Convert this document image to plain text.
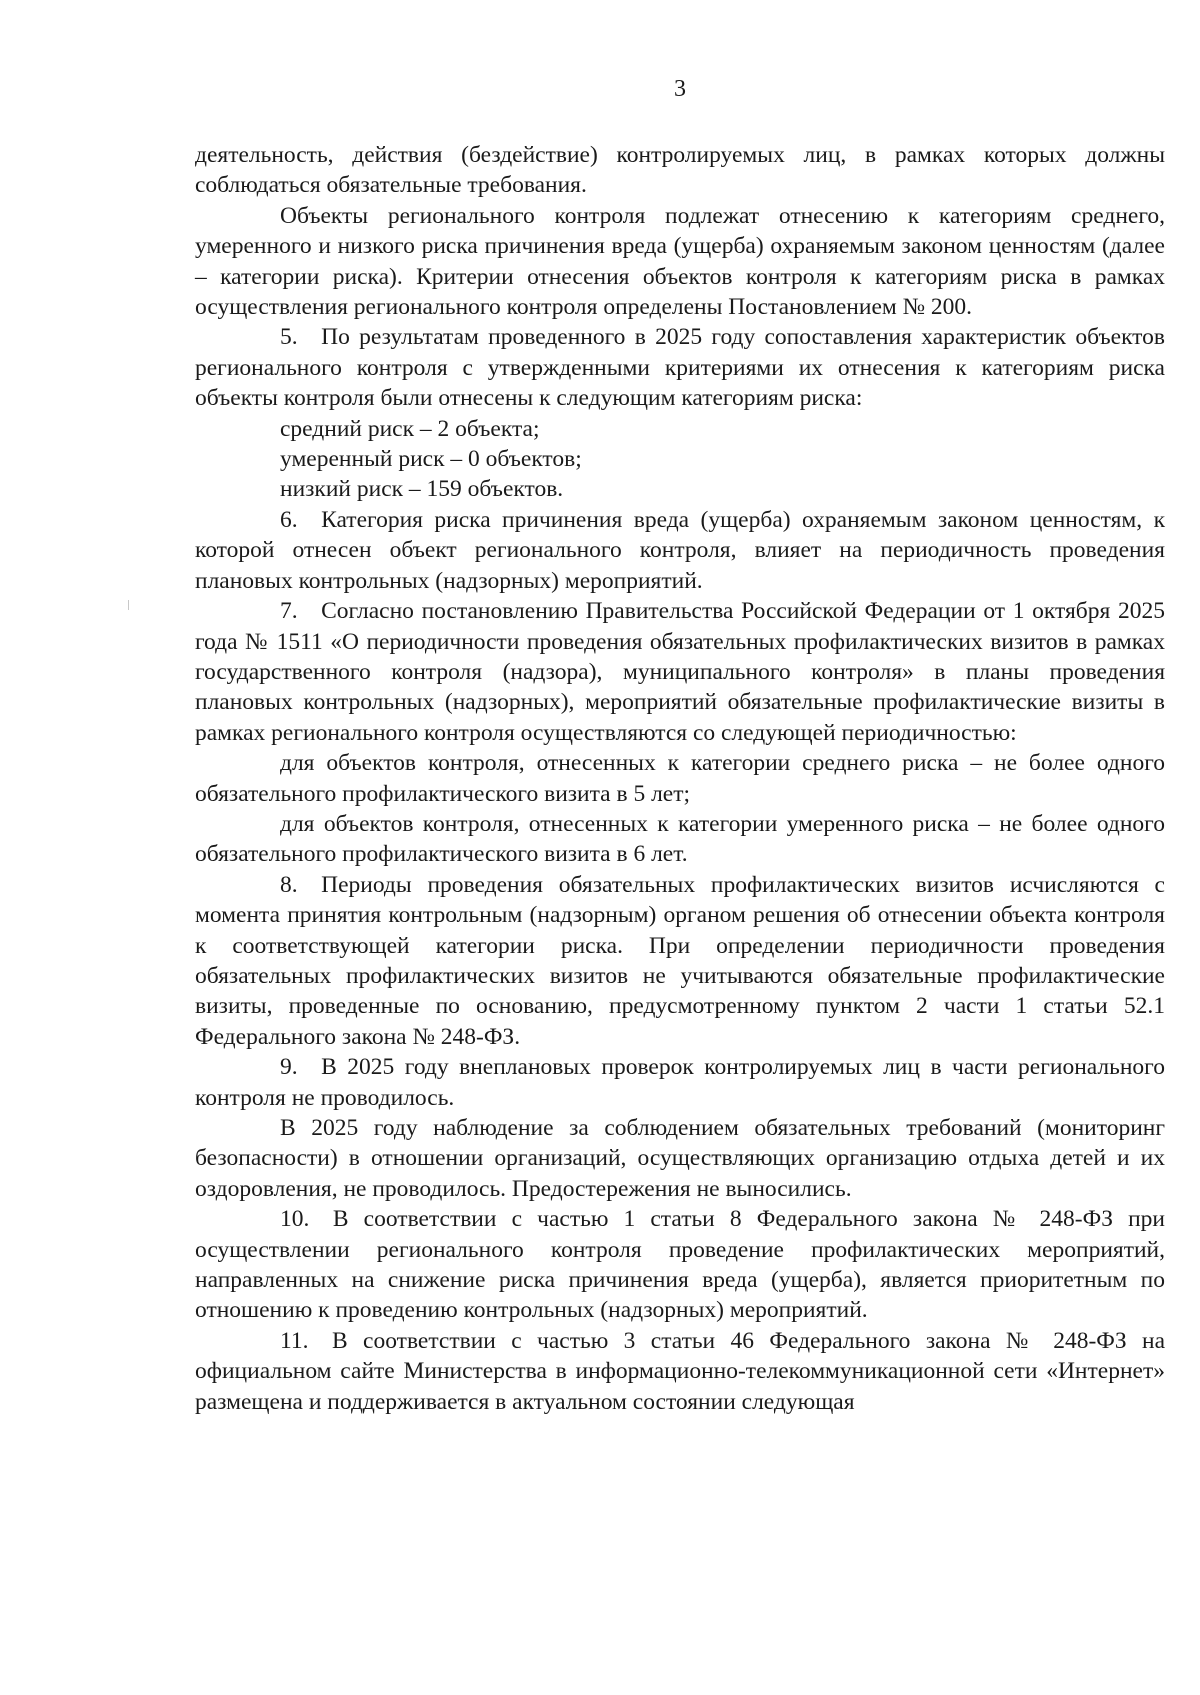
3

деятельность, действия (бездействие) контролируемых лиц, в рамках которых должны соблюдаться обязательные требования.

Объекты регионального контроля подлежат отнесению к категориям среднего, умеренного и низкого риска причинения вреда (ущерба) охраняемым законом ценностям (далее – категории риска). Критерии отнесения объектов контроля к категориям риска в рамках осуществления регионального контроля определены Постановлением № 200.

5. По результатам проведенного в 2025 году сопоставления характеристик объектов регионального контроля с утвержденными критериями их отнесения к категориям риска объекты контроля были отнесены к следующим категориям риска:

средний риск – 2 объекта;

умеренный риск – 0 объектов;

низкий риск – 159 объектов.

6. Категория риска причинения вреда (ущерба) охраняемым законом ценностям, к которой отнесен объект регионального контроля, влияет на периодичность проведения плановых контрольных (надзорных) мероприятий.

7. Согласно постановлению Правительства Российской Федерации от 1 октября 2025 года № 1511 «О периодичности проведения обязательных профилактических визитов в рамках государственного контроля (надзора), муниципального контроля» в планы проведения плановых контрольных (надзорных), мероприятий обязательные профилактические визиты в рамках регионального контроля осуществляются со следующей периодичностью:

для объектов контроля, отнесенных к категории среднего риска – не более одного обязательного профилактического визита в 5 лет;

для объектов контроля, отнесенных к категории умеренного риска – не более одного обязательного профилактического визита в 6 лет.

8. Периоды проведения обязательных профилактических визитов исчисляются с момента принятия контрольным (надзорным) органом решения об отнесении объекта контроля к соответствующей категории риска. При определении периодичности проведения обязательных профилактических визитов не учитываются обязательные профилактические визиты, проведенные по основанию, предусмотренному пунктом 2 части 1 статьи 52.1 Федерального закона № 248-ФЗ.

9. В 2025 году внеплановых проверок контролируемых лиц в части регионального контроля не проводилось.

В 2025 году наблюдение за соблюдением обязательных требований (мониторинг безопасности) в отношении организаций, осуществляющих организацию отдыха детей и их оздоровления, не проводилось. Предостережения не выносились.

10. В соответствии с частью 1 статьи 8 Федерального закона № 248-ФЗ при осуществлении регионального контроля проведение профилактических мероприятий, направленных на снижение риска причинения вреда (ущерба), является приоритетным по отношению к проведению контрольных (надзорных) мероприятий.

11. В соответствии с частью 3 статьи 46 Федерального закона № 248-ФЗ на официальном сайте Министерства в информационно-телекоммуникационной сети «Интернет» размещена и поддерживается в актуальном состоянии следующая
